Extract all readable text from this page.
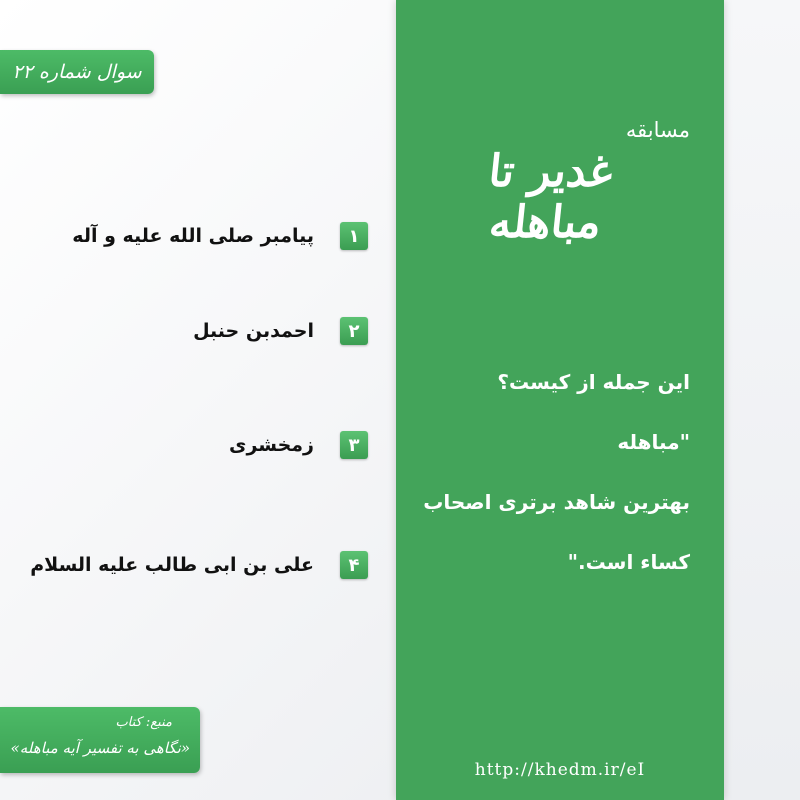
سوال شماره ۲۲
مسابقه
غدیر تا مباهله
این جمله از کیست؟ "مباهله
بهترین شاهد برتری اصحاب
کساء است."
۱
پیامبر صلی الله علیه و آله
۲
احمدبن حنبل
۳
زمخشری
۴
علی بن ابی طالب علیه السلام
منبع: کتاب
«نگاهی به تفسیر آیه مباهله»
http://khedm.ir/eI
